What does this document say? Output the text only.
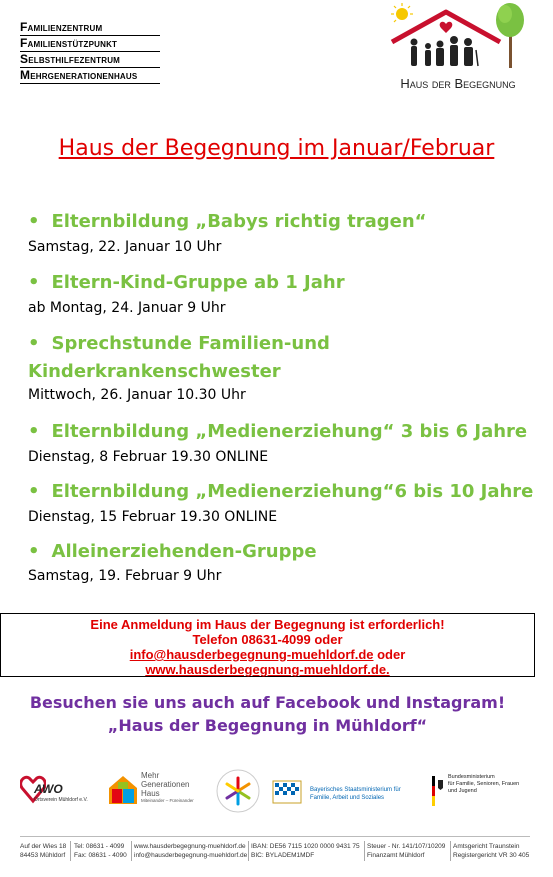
Familienzentrum
Familienstützpunkt
Selbsthilfezentrum
Mehrgenerationenhaus
Haus der Begegnung
Haus der Begegnung im Januar/Februar
• Elternbildung „Babys richtig tragen“
Samstag, 22. Januar 10 Uhr
• Eltern-Kind-Gruppe ab 1 Jahr
ab Montag, 24. Januar 9 Uhr
• Sprechstunde Familien-und
Kinderkrankenschwester
Mittwoch, 26. Januar 10.30 Uhr
• Elternbildung „Medienerziehung“ 3 bis 6 Jahre
Dienstag, 8 Februar 19.30 ONLINE
• Elternbildung „Medienerziehung“6 bis 10 Jahre
Dienstag, 15 Februar 19.30 ONLINE
• Alleinerziehenden-Gruppe
Samstag, 19. Februar 9 Uhr
Eine Anmeldung im Haus der Begegnung ist erforderlich!
Telefon 08631-4099 oder
info@hausderbegegnung-muehldorf.de oder
www.hausderbegegnung-muehldorf.de.
Besuchen sie uns auch auf Facebook und Instagram!
„Haus der Begegnung in Mühldorf“
AWO
Ortsverein Mühldorf e.V.
Mehr
Generationen
Haus
Miteinander – Füreinander
Bayerisches Staatsministerium für
Familie, Arbeit und Soziales
Bundesministerium
für Familie, Senioren, Frauen
und Jugend
Auf der Wies 18
84453 Mühldorf
Tel: 08631 - 4099
Fax: 08631 - 4090
www.hausderbegegnung-muehldorf.de
info@hausderbegegnung-muehldorf.de
IBAN: DE56 7115 1020 0000 9431 75
BIC: BYLADEM1MDF
Steuer - Nr. 141/107/10209
Finanzamt Mühldorf
Amtsgericht Traunstein
Registergericht VR 30 405
